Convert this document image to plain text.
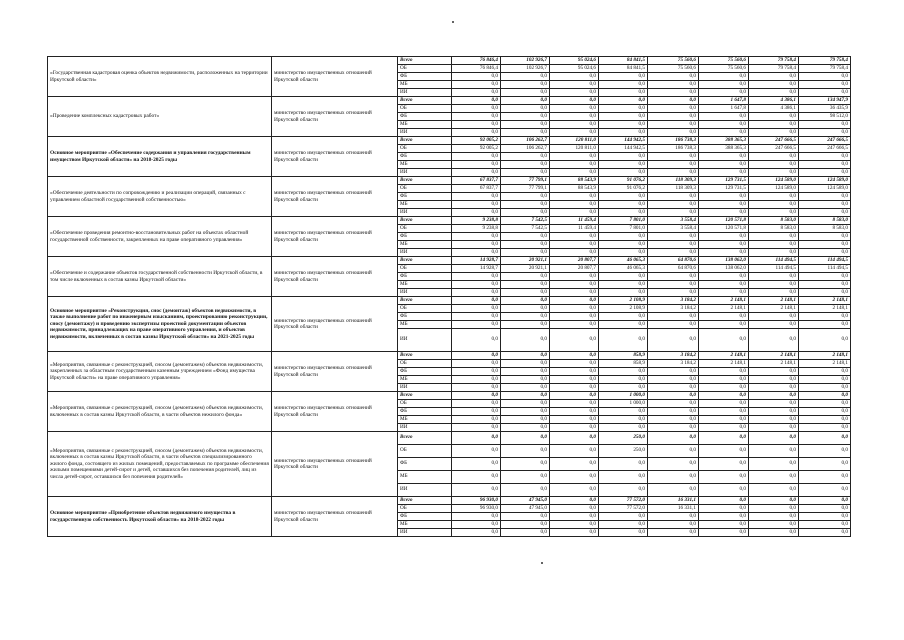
«Государственная кадастровая оценка объектов недвижимости, расположенных на территории Иркутской области»	министерство имущественных отношений Иркутской области	Всего	76 846,4	102 926,7	95 024,6	84 841,5	75 560,6	75 560,6	79 758,4	79 758,4
		ОБ	76 846,4	102 926,7	95 024,6	84 841,5	75 560,6	75 560,6	79 758,4	79 758,4
		ФБ	0,0	0,0	0,0	0,0	0,0	0,0	0,0	0,0
		МБ	0,0	0,0	0,0	0,0	0,0	0,0	0,0	0,0
		ИИ	0,0	0,0	0,0	0,0	0,0	0,0	0,0	0,0
«Проведение комплексных кадастровых работ»	министерство имущественных отношений Иркутской области	Всего	0,0	0,0	0,0	0,0	0,0	1 647,8	4 386,1	134 947,9
		ОБ	0,0	0,0	0,0	0,0	0,0	1 647,8	4 386,1	36 435,9
		ФБ	0,0	0,0	0,0	0,0	0,0	0,0	0,0	98 512,0
		МБ	0,0	0,0	0,0	0,0	0,0	0,0	0,0	0,0
		ИИ	0,0	0,0	0,0	0,0	0,0	0,0	0,0	0,0
Основное мероприятие «Обеспечение содержания и управления государственным имуществом Иркутской области» на 2018-2025 годы	министерство имущественных отношений Иркутской области	Всего	92 005,2	106 262,7	120 811,0	144 942,5	186 738,3	388 365,3	247 666,5	247 666,5
		ОБ	92 005,2	106 262,7	120 811,0	144 942,5	186 738,3	388 365,3	247 666,5	247 666,5
		ФБ	0,0	0,0	0,0	0,0	0,0	0,0	0,0	0,0
		МБ	0,0	0,0	0,0	0,0	0,0	0,0	0,0	0,0
		ИИ	0,0	0,0	0,0	0,0	0,0	0,0	0,0	0,0
«Обеспечение деятельности по сопровождению и реализации операций, связанных с управлением областной государственной собственностью»	министерство имущественных отношений Иркутской области	Всего	67 837,7	77 799,1	88 543,9	91 076,2	118 309,3	129 731,5	124 589,0	124 589,0
		ОБ	67 837,7	77 799,1	88 543,9	91 076,2	118 309,3	129 731,5	124 589,0	124 589,0
		ФБ	0,0	0,0	0,0	0,0	0,0	0,0	0,0	0,0
		МБ	0,0	0,0	0,0	0,0	0,0	0,0	0,0	0,0
		ИИ	0,0	0,0	0,0	0,0	0,0	0,0	0,0	0,0
«Обеспечение проведения ремонтно-восстановительных работ на объектах областной государственной собственности, закрепленных на праве оперативного управления»	министерство имущественных отношений Иркутской области	Всего	9 238,8	7 542,5	11 459,4	7 801,0	3 558,4	120 571,8	8 583,0	8 583,0
		ОБ	9 238,8	7 542,5	11 459,4	7 801,0	3 558,4	120 571,8	8 583,0	8 583,0
		ФБ	0,0	0,0	0,0	0,0	0,0	0,0	0,0	0,0
		МБ	0,0	0,0	0,0	0,0	0,0	0,0	0,0	0,0
		ИИ	0,0	0,0	0,0	0,0	0,0	0,0	0,0	0,0
«Обеспечение и содержание объектов государственной собственности Иркутской области, в том числе включенных в состав казны Иркутской области»	министерство имущественных отношений Иркутской области	Всего	14 928,7	20 921,1	20 807,7	46 065,3	64 870,6	138 062,0	114 494,5	114 494,5
		ОБ	14 928,7	20 921,1	20 807,7	46 065,3	64 870,6	138 062,0	114 494,5	114 494,5
		ФБ	0,0	0,0	0,0	0,0	0,0	0,0	0,0	0,0
		МБ	0,0	0,0	0,0	0,0	0,0	0,0	0,0	0,0
		ИИ	0,0	0,0	0,0	0,0	0,0	0,0	0,0	0,0
Основное мероприятие «Реконструкция, снос (демонтаж) объектов недвижимости, в также выполнение работ по инженерным изысканиям, проектированию реконструкции, сносу (демонтажу) и проведению экспертизы проектной документации объектов недвижимости, принадлежащих на праве оперативного управления, и объектов недвижимости, включенных в состав казны Иркутской области» на 2021-2025 годы	министерство имущественных отношений Иркутской области	Всего	0,0	0,0	0,0	2 108,9	3 184,2	2 148,1	2 148,1	2 148,1
		ОБ	0,0	0,0	0,0	2 108,9	3 184,2	2 148,1	2 148,1	2 148,1
		ФБ	0,0	0,0	0,0	0,0	0,0	0,0	0,0	0,0
		МБ	0,0	0,0	0,0	0,0	0,0	0,0	0,0	0,0
		ИИ	0,0	0,0	0,0	0,0	0,0	0,0	0,0	0,0
«Мероприятия, связанные с реконструкцией, сносом (демонтажем) объектов недвижимости, закрепленных за областным государственным казенным учреждением «Фонд имущества Иркутской области» на праве оперативного управления»	министерство имущественных отношений Иркутской области	Всего	0,0	0,0	0,0	858,9	3 184,2	2 148,1	2 148,1	2 148,1
		ОБ	0,0	0,0	0,0	858,9	3 184,2	2 148,1	2 148,1	2 148,1
		ФБ	0,0	0,0	0,0	0,0	0,0	0,0	0,0	0,0
		МБ	0,0	0,0	0,0	0,0	0,0	0,0	0,0	0,0
		ИИ	0,0	0,0	0,0	0,0	0,0	0,0	0,0	0,0
«Мероприятия, связанные с реконструкцией, сносом (демонтажем) объектов недвижимости, включенных в состав казны Иркутской области, в части объектов нежилого фонда»	министерство имущественных отношений Иркутской области	Всего	0,0	0,0	0,0	1 000,0	0,0	0,0	0,0	0,0
		ОБ	0,0	0,0	0,0	1 000,0	0,0	0,0	0,0	0,0
		ФБ	0,0	0,0	0,0	0,0	0,0	0,0	0,0	0,0
		МБ	0,0	0,0	0,0	0,0	0,0	0,0	0,0	0,0
		ИИ	0,0	0,0	0,0	0,0	0,0	0,0	0,0	0,0
«Мероприятия, связанные с реконструкцией, сносом (демонтажем) объектов недвижимости, включенных в состав казны Иркутской области, в части объектов специализированного жилого фонда, состоящего из жилых помещений, предоставляемых по программе обеспечения жилыми помещениями детей-сирот и детей, оставшихся без попечения родителей, лиц из числа детей-сирот, оставшихся без попечения родителей»	министерство имущественных отношений Иркутской области	Всего	0,0	0,0	0,0	250,0	0,0	0,0	0,0	0,0
		ОБ	0,0	0,0	0,0	250,0	0,0	0,0	0,0	0,0
		ФБ	0,0	0,0	0,0	0,0	0,0	0,0	0,0	0,0
		МБ	0,0	0,0	0,0	0,0	0,0	0,0	0,0	0,0
		ИИ	0,0	0,0	0,0	0,0	0,0	0,0	0,0	0,0
Основное мероприятие «Приобретение объектов недвижимого имущества в государственную собственность Иркутской области» на 2018-2022 годы	министерство имущественных отношений Иркутской области	Всего	96 930,0	47 945,0	0,0	77 572,0	16 331,1	0,0	0,0	0,0
		ОБ	96 930,0	47 945,0	0,0	77 572,0	16 331,1	0,0	0,0	0,0
		ФБ	0,0	0,0	0,0	0,0	0,0	0,0	0,0	0,0
		МБ	0,0	0,0	0,0	0,0	0,0	0,0	0,0	0,0
		ИИ	0,0	0,0	0,0	0,0	0,0	0,0	0,0	0,0
